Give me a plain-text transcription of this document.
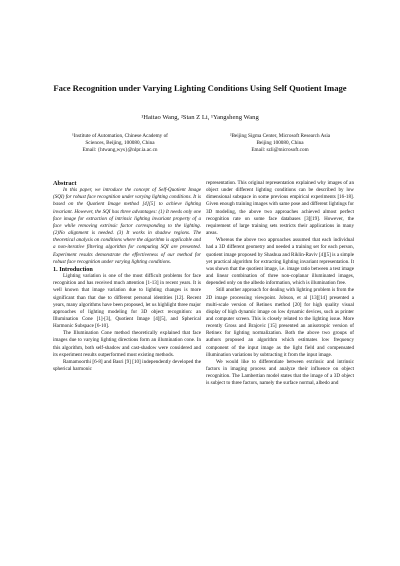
Face Recognition under Varying Lighting Conditions Using Self Quotient Image
¹Haitao Wang, ²Stan Z Li, ¹Yangsheng Wang
¹Institute of Automation, Chinese Academy of
Sciences, Beijing, 100080, China
Email: {htwang,wys}@nlpr.ia.ac.cn
²Beijing Sigma Center, Microsoft Research Asia
Beijing 100080, China
Email: szli@microsoft.com

Abstract

In this paper, we introduce the concept of Self-Quotient Image (SQI) for robust face recognition under varying lighting conditions. It is based on the Quotient Image method [4][5] to achieve lighting invariant. However, the SQI has three advantages: (1) It needs only one face image for extraction of intrinsic lighting invariant property of a face while removing extrinsic factor corresponding to the lighting. (2)No alignment is needed. (3) It works in shadow regions. The theoretical analysis on conditions where the algorithm is applicable and a non-iterative filtering algorithm for computing SQI are presented. Experiment results demonstrate the effectiveness of our method for robust face recognition under varying lighting conditions.

1. Introduction

Lighting variation is one of the most difficult problems for face recognition and has received much attention [1-13] in recent years. It is well known that image variation due to lighting changes is more significant than that due to different personal identities [12]. Recent years, many algorithms have been proposed, let us highlight three major approaches of lighting modeling for 3D object recognition: an Illumination Cone [1]-[3], Quotient Image [4][5], and Spherical Harmonic Subspace [6-10].

The Illumination Cone method theoretically explained that face images due to varying lighting directions form an illumination cone. In this algorithm, both self-shadow and cast-shadow were considered and its experiment results outperformed most existing methods.

Ramamoorthi [6-8] and Basri [9] [10] independently developed the spherical harmonic

representation. This original representation explained why images of an object under different lighting conditions can be described by low dimensional subspace in some previous empirical experiments [16-18]. Given enough training images with same pose and different lightings for 3D modeling, the above two approaches achieved almost perfect recognition rate on some face databases [3][19]. However, the requirement of large training sets restricts their applications in many areas.

Whereas the above two approaches assumed that each individual had a 3D different geometry and needed a training set for each person, quotient image proposed by Shashua and Riklin-Raviv [4][5] is a simple yet practical algorithm for extracting lighting invariant representation. It was shown that the quotient image, i.e. image ratio between a test image and linear combination of three non-coplanar illuminated images, depended only on the albedo information, which is illumination free.

Still another approach for dealing with lighting problem is from the 2D image processing viewpoint. Jobson, et al [13][14] presented a multi-scale version of Retinex method [20] for high quality visual display of high dynamic image on low dynamic devices, such as printer and computer screen. This is closely related to the lighting issue. More recently Gross and Brajovic [15] presented an anisotropic version of Retinex for lighting normalization. Both the above two groups of authors proposed an algorithm which estimates low frequency component of the input image as the light field and compensated illumination variations by subtracting it from the input image.

We would like to differentiate between extrinsic and intrinsic factors in imaging process and analyze their influence on object recognition. The Lambertian model states that the image of a 3D object is subject to three factors, namely the surface normal, albedo and
